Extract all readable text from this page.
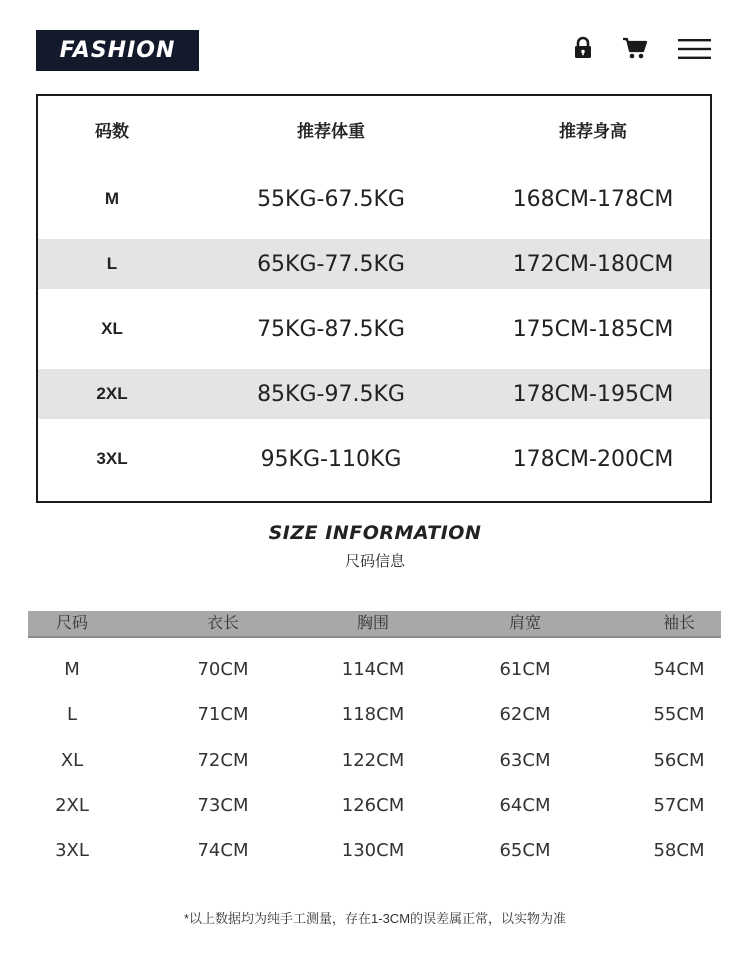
FASHION
码数	推荐体重	推荐身高
M	55KG-67.5KG	168CM-178CM
L	65KG-77.5KG	172CM-180CM
XL	75KG-87.5KG	175CM-185CM
2XL	85KG-97.5KG	178CM-195CM
3XL	95KG-110KG	178CM-200CM
SIZE INFORMATION
尺码信息
尺码	衣长	胸围	肩宽	袖长
M	70CM	114CM	61CM	54CM
L	71CM	118CM	62CM	55CM
XL	72CM	122CM	63CM	56CM
2XL	73CM	126CM	64CM	57CM
3XL	74CM	130CM	65CM	58CM
*以上数据均为纯手工测量，存在1-3CM的误差属正常，以实物为准
